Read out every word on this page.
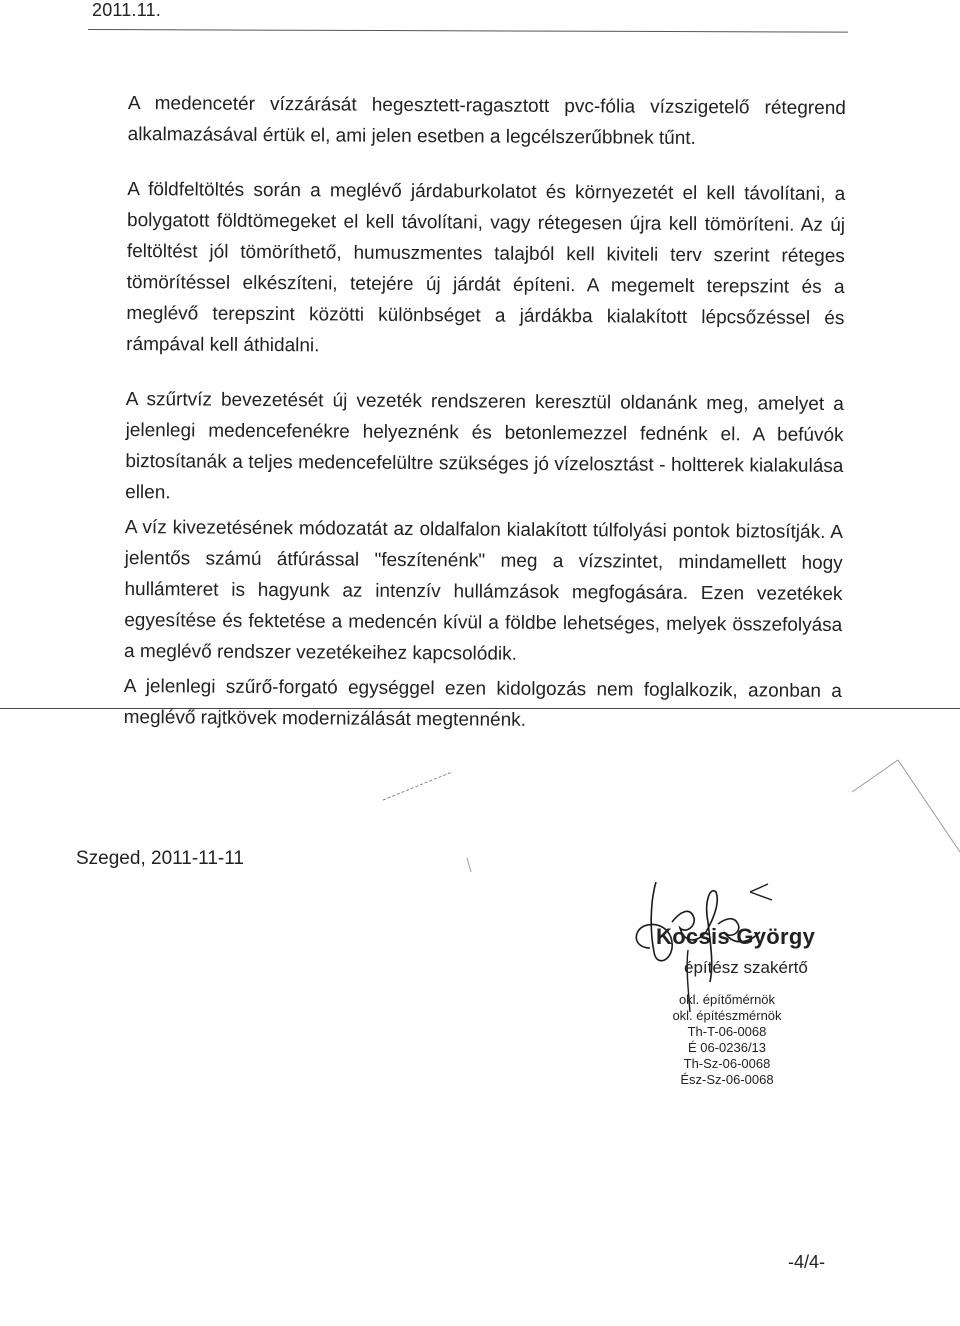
2011.11.

A medencetér vízzárását hegesztett-ragasztott pvc-fólia vízszigetelő rétegrend alkalmazásával értük el, ami jelen esetben a legcélszerűbbnek tűnt.

A földfeltöltés során a meglévő járdaburkolatot és környezetét el kell távolítani, a bolygatott földtömegeket el kell távolítani, vagy rétegesen újra kell tömöríteni. Az új feltöltést jól tömöríthető, humuszmentes talajból kell kiviteli terv szerint réteges tömörítéssel elkészíteni, tetejére új járdát építeni. A megemelt terepszint és a meglévő terepszint közötti különbséget a járdákba kialakított lépcsőzéssel és rámpával kell áthidalni.

A szűrtvíz bevezetését új vezeték rendszeren keresztül oldanánk meg, amelyet a jelenlegi medencefenékre helyeznénk és betonlemezzel fednénk el. A befúvók biztosítanák a teljes medencefelültre szükséges jó vízelosztást - holtterek kialakulása ellen.

A víz kivezetésének módozatát az oldalfalon kialakított túlfolyási pontok biztosítják. A jelentős számú átfúrással "feszítenénk" meg a vízszintet, mindamellett hogy hullámteret is hagyunk az intenzív hullámzások megfogására. Ezen vezetékek egyesítése és fektetése a medencén kívül a földbe lehetséges, melyek összefolyása a meglévő rendszer vezetékeihez kapcsolódik.

A jelenlegi szűrő-forgató egységgel ezen kidolgozás nem foglalkozik, azonban a meglévő rajtkövek modernizálását megtennénk.

Szeged, 2011-11-11
Kocsis György
építész szakértő
okl. építőmérnök
okl. építészmérnök
Th-T-06-0068
É 06-0236/13
Th-Sz-06-0068
Ész-Sz-06-0068
-4/4-
